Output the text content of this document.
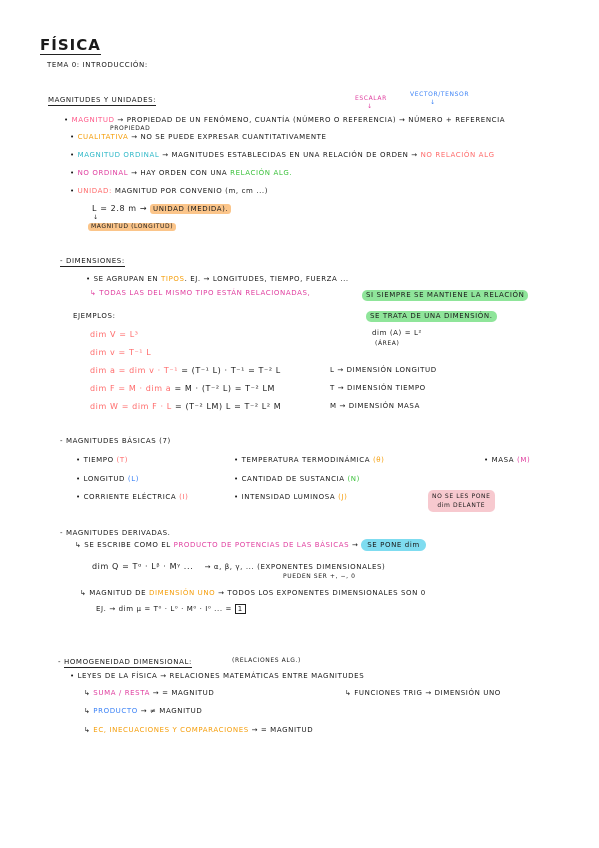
FÍSICA
TEMA 0: INTRODUCCIÓN:
MAGNITUDES Y UNIDADES:	ESCALAR
↓
VECTOR/TENSOR
↓
• MAGNITUD → PROPIEDAD DE UN FENÓMENO, CUANTÍA (NÚMERO O REFERENCIA) → NÚMERO + REFERENCIA
PROPIEDAD
• CUALITATIVA → NO SE PUEDE EXPRESAR CUANTITATIVAMENTE
• MAGNITUD ORDINAL → MAGNITUDES ESTABLECIDAS EN UNA RELACIÓN DE ORDEN → NO RELACIÓN ALG
• NO ORDINAL → HAY ORDEN CON UNA RELACIÓN ALG.
• UNIDAD: MAGNITUD POR CONVENIO (m, cm ...)
L = 2.8 m → UNIDAD (MEDIDA).
↓
MAGNITUD (LONGITUD)
- DIMENSIONES:
• SE AGRUPAN EN TIPOS. EJ. → LONGITUDES, TIEMPO, FUERZA ...
↳ TODAS LAS DEL MISMO TIPO ESTÁN RELACIONADAS,	SI SIEMPRE SE MANTIENE LA RELACIÓN
SE TRATA DE UNA DIMENSIÓN.
EJEMPLOS:
dim V = L³	dim (A) = L²
(ÁREA)
dim v = T⁻¹ L
dim a = dim v · T⁻¹ = (T⁻¹ L) · T⁻¹ = T⁻² L	L → DIMENSIÓN LONGITUD
dim F = M · dim a = M · (T⁻² L) = T⁻² LM	T → DIMENSIÓN TIEMPO
dim W = dim F · L = (T⁻² LM) L = T⁻² L² M	M → DIMENSIÓN MASA
- MAGNITUDES BÁSICAS (7)
• TIEMPO (T)	• TEMPERATURA TERMODINÁMICA (θ)	• MASA (M)
• LONGITUD (L)	• CANTIDAD DE SUSTANCIA (N)
• CORRIENTE ELÉCTRICA (I)	• INTENSIDAD LUMINOSA (J)	NO SE LES PONE
dim DELANTE
- MAGNITUDES DERIVADAS.
↳ SE ESCRIBE COMO EL PRODUCTO DE POTENCIAS DE LAS BÁSICAS → SE PONE dim
dim Q = Tᵅ · Lᵝ · Mᵞ ... → α, β, γ, ... (EXPONENTES DIMENSIONALES)
PUEDEN SER +, −, 0
↳ MAGNITUD DE DIMENSIÓN UNO → TODOS LOS EXPONENTES DIMENSIONALES SON 0
EJ. → dim μ = T⁰ · L⁰ · M⁰ · I⁰ ... = 1
(RELACIONES ALG.)
- HOMOGENEIDAD DIMENSIONAL:
• LEYES DE LA FÍSICA → RELACIONES MATEMÁTICAS ENTRE MAGNITUDES
↳ SUMA / RESTA → = MAGNITUD	↳ FUNCIONES TRIG → DIMENSIÓN UNO
↳ PRODUCTO → ≠ MAGNITUD
↳ EC, INECUACIONES Y COMPARACIONES → = MAGNITUD
